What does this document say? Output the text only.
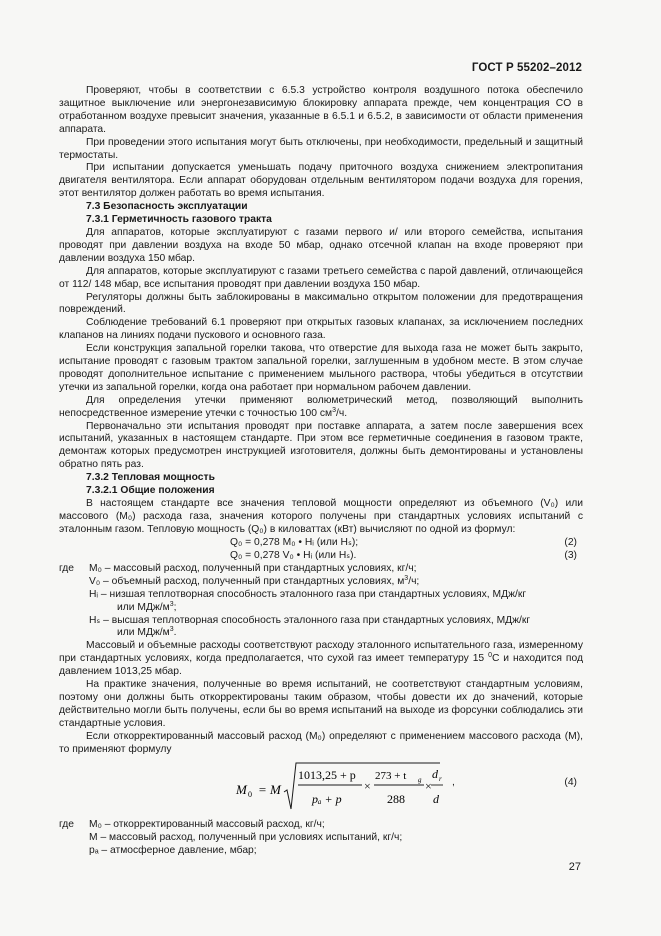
ГОСТ Р 55202–2012

Проверяют, чтобы в соответствии с 6.5.3 устройство контроля воздушного потока обеспечило защитное выключение или энергонезависимую блокировку аппарата прежде, чем концентрация CO в отработанном воздухе превысит значения, указанные в 6.5.1 и 6.5.2, в зависимости от области применения аппарата.

При проведении этого испытания могут быть отключены, при необходимости, предельный и защитный термостаты.

При испытании допускается уменьшать подачу приточного воздуха снижением электропитания двигателя вентилятора. Если аппарат оборудован отдельным вентилятором подачи воздуха для горения, этот вентилятор должен работать во время испытания.

7.3 Безопасность эксплуатации

7.3.1 Герметичность газового тракта

Для аппаратов, которые эксплуатируют с газами первого и/ или второго семейства, испытания проводят при давлении воздуха на входе 50 мбар, однако отсечной клапан на входе проверяют при давлении воздуха 150 мбар.

Для аппаратов, которые эксплуатируют с газами третьего семейства с парой давлений, отличающейся от 112/ 148 мбар, все испытания проводят при давлении воздуха 150 мбар.

Регуляторы должны быть заблокированы в максимально открытом положении для предотвращения повреждений.

Соблюдение требований 6.1 проверяют при открытых газовых клапанах, за исключением последних клапанов на линиях подачи пускового и основного газа.

Если конструкция запальной горелки такова, что отверстие для выхода газа не может быть закрыто, испытание проводят с газовым трактом запальной горелки, заглушенным в удобном месте. В этом случае проводят дополнительное испытание с применением мыльного раствора, чтобы убедиться в отсутствии утечки из запальной горелки, когда она работает при нормальном рабочем давлении.

Для определения утечки применяют волюметрический метод, позволяющий выполнить непосредственное измерение утечки с точностью 100 $см^3/ч$.

Первоначально эти испытания проводят при поставке аппарата, а затем после завершения всех испытаний, указанных в настоящем стандарте. При этом все герметичные соединения в газовом тракте, демонтаж которых предусмотрен инструкцией изготовителя, должны быть демонтированы и установлены обратно пять раз.

7.3.2 Тепловая мощность

7.3.2.1 Общие положения

В настоящем стандарте все значения тепловой мощности определяют из объемного (V₀) или массового (M₀) расхода газа, значения которого получены при стандартных условиях испытаний с эталонным газом. Тепловую мощность (Q₀) в киловаттах (кВт) вычисляют по одной из формул:

Q₀ = 0,278 M₀ • Hᵢ (или Hₛ);	(2)
Q₀ = 0,278 V₀ • Hᵢ (или Hₛ).	(3)
где M₀ – массовый расход, полученный при стандартных условиях, кг/ч;
V₀ – объемный расход, полученный при стандартных условиях, $м^3/ч$;
Hᵢ – низшая теплотворная способность эталонного газа при стандартных условиях, МДж/кг
или МДж/$м^3$;
Hₛ – высшая теплотворная способность эталонного газа при стандартных условиях, МДж/кг
или МДж/$м^3$.

Массовый и объемные расходы соответствуют расходу эталонного испытательного газа, измеренному при стандартных условиях, когда предполагается, что сухой газ имеет температуру 15 $^0$C и находится под давлением 1013,25 мбар.

На практике значения, полученные во время испытаний, не соответствуют стандартным условиям, поэтому они должны быть откорректированы таким образом, чтобы довести их до значений, которые действительно могли быть получены, если бы во время испытаний на выходе из форсунки соблюдались эти стандартные условия.

Если откорректированный массовый расход (M₀) определяют с применением массового расхода (M), то применяют формулу

M 0 = M
1013,25 + p
pₐ + p
×
273 + t g
288
×
d r
d
,	(4)
где M₀ – откорректированный массовый расход, кг/ч;
M – массовый расход, полученный при условиях испытаний, кг/ч;
pₐ – атмосферное давление, мбар;
27
